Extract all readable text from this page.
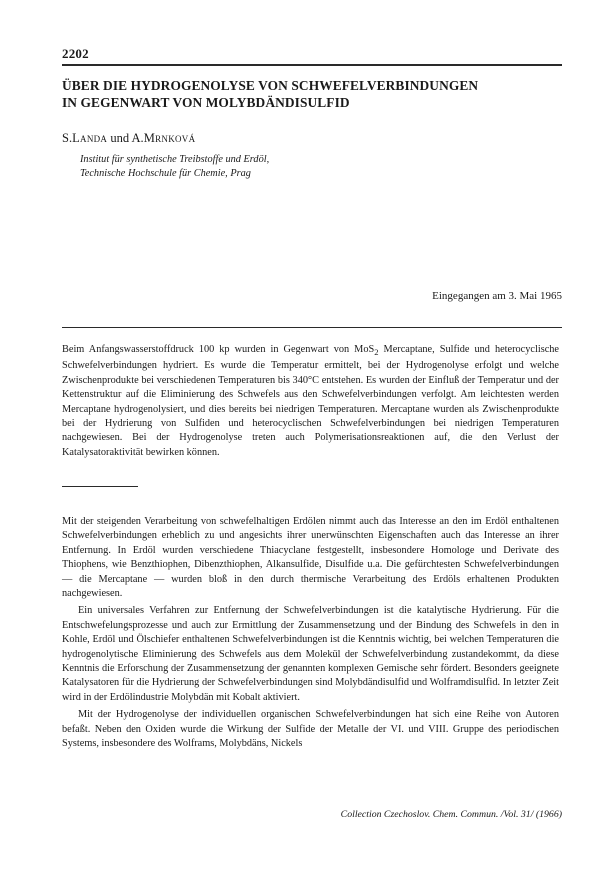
2202
ÜBER DIE HYDROGENOLYSE VON SCHWEFELVERBINDUNGEN
IN GEGENWART VON MOLYBDÄNDISULFID
S.Landa und A.Mrnková
Institut für synthetische Treibstoffe und Erdöl,
Technische Hochschule für Chemie, Prag
Eingegangen am 3. Mai 1965

Beim Anfangswasserstoffdruck 100 kp wurden in Gegenwart von MoS$_2$ Mercaptane, Sulfide und heterocyclische Schwefelverbindungen hydriert. Es wurde die Temperatur ermittelt, bei der Hydrogenolyse erfolgt und welche Zwischenprodukte bei verschiedenen Temperaturen bis 340°C entstehen. Es wurden der Einfluß der Temperatur und der Kettenstruktur auf die Eliminierung des Schwefels aus den Schwefelverbindungen verfolgt. Am leichtesten werden Mercaptane hydrogenolysiert, und dies bereits bei niedrigen Temperaturen. Mercaptane wurden als Zwischenprodukte bei der Hydrierung von Sulfiden und heterocyclischen Schwefelverbindungen bei niedrigen Temperaturen nachgewiesen. Bei der Hydrogenolyse treten auch Polymerisationsreaktionen auf, die den Verlust der Katalysatoraktivität bewirken können.

Mit der steigenden Verarbeitung von schwefelhaltigen Erdölen nimmt auch das Interesse an den im Erdöl enthaltenen Schwefelverbindungen erheblich zu und angesichts ihrer unerwünschten Eigenschaften auch das Interesse an ihrer Entfernung. In Erdöl wurden verschiedene Thiacyclane festgestellt, insbesondere Homologe und Derivate des Thiophens, wie Benzthiophen, Dibenzthiophen, Alkansulfide, Disulfide u.a. Die gefürchtesten Schwefelverbindungen — die Mercaptane — wurden bloß in den durch thermische Verarbeitung des Erdöls erhaltenen Produkten nachgewiesen.

Ein universales Verfahren zur Entfernung der Schwefelverbindungen ist die katalytische Hydrierung. Für die Entschwefelungsprozesse und auch zur Ermittlung der Zusammensetzung und der Bindung des Schwefels in den in Kohle, Erdöl und Ölschiefer enthaltenen Schwefelverbindungen ist die Kenntnis wichtig, bei welchen Temperaturen die hydrogenolytische Eliminierung des Schwefels aus dem Molekül der Schwefelverbindung zustandekommt, da diese Kenntnis die Erforschung der Zusammensetzung der genannten komplexen Gemische sehr fördert. Besonders geeignete Katalysatoren für die Hydrierung der Schwefelverbindungen sind Molybdändisulfid und Wolframdisulfid. In letzter Zeit wird in der Erdölindustrie Molybdän mit Kobalt aktiviert.

Mit der Hydrogenolyse der individuellen organischen Schwefelverbindungen hat sich eine Reihe von Autoren befaßt. Neben den Oxiden wurde die Wirkung der Sulfide der Metalle der VI. und VIII. Gruppe des periodischen Systems, insbesondere des Wolframs, Molybdäns, Nickels

Collection Czechoslov. Chem. Commun. /Vol. 31/ (1966)
